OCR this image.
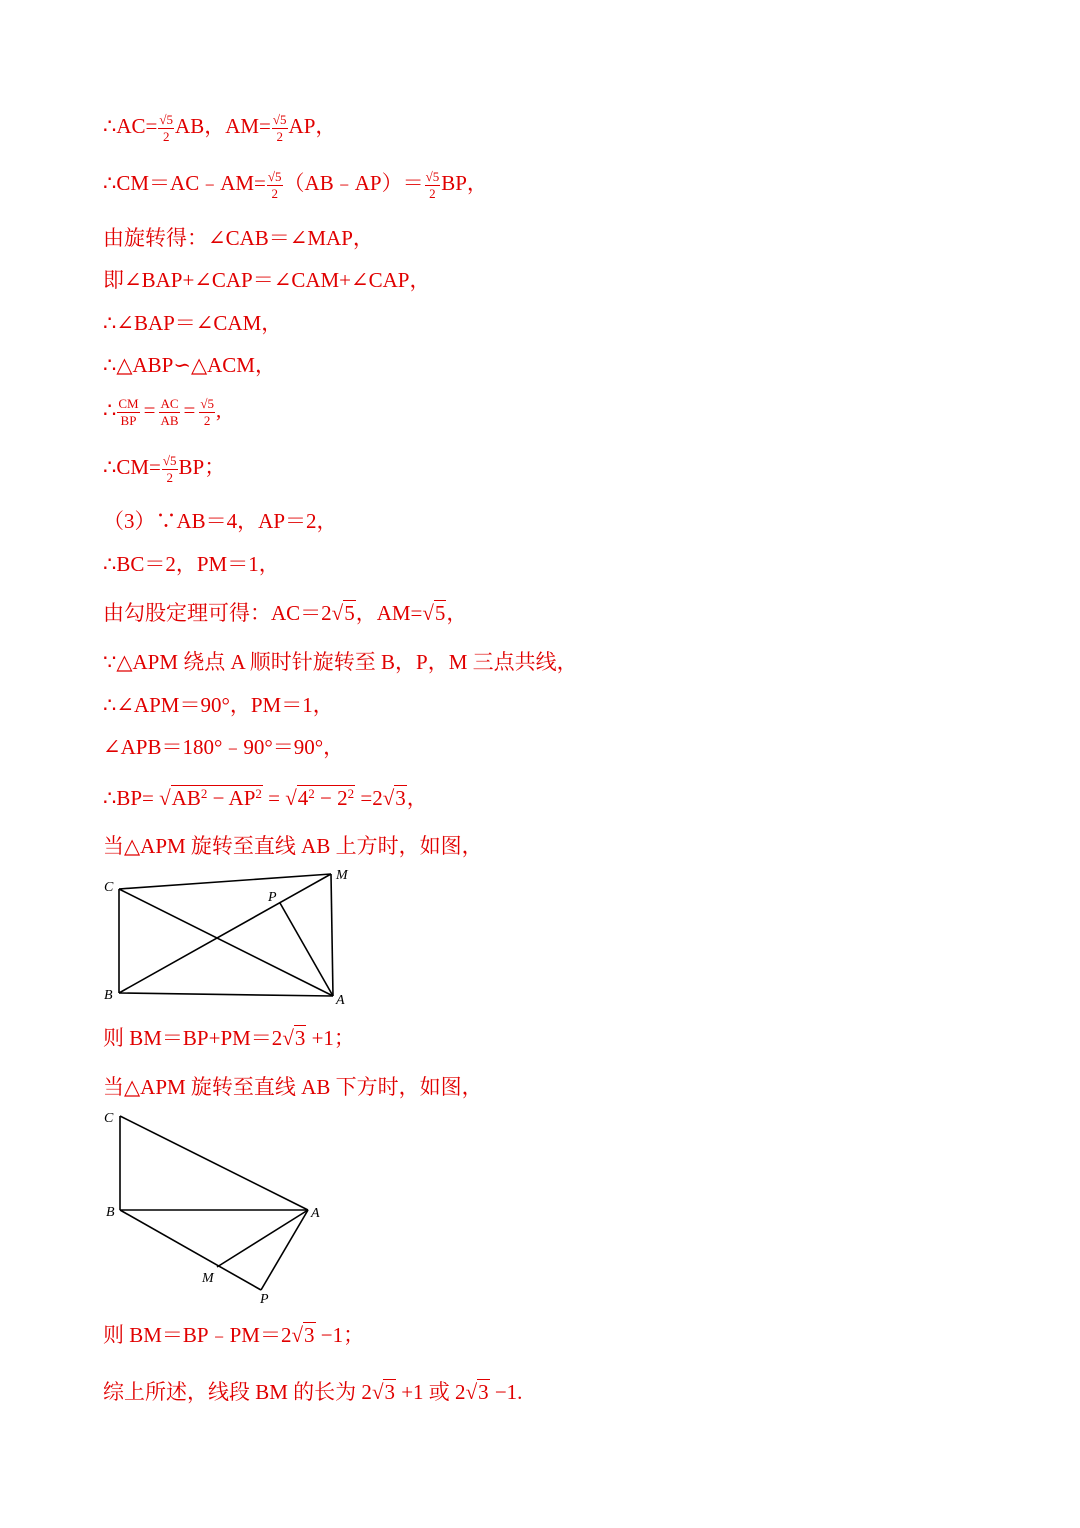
∴AC= $\frac{√5}{2}$ AB，$AM= \frac{√5}{2}$ AP，
∴CM＝AC﹣AM= $\frac{√5}{2}$ （AB﹣AP）＝ $\frac{√5}{2}$ BP，
由旋转得：∠CAB＝∠MAP，
即∠BAP+∠CAP＝∠CAM+∠CAP，
∴∠BAP＝∠CAM，
∴△ABP∽△ACM，
∴ $\frac{CM}{BP} = \frac{AC}{AB} = \frac{√5}{2}$ ,
∴CM= $\frac{√5}{2}$ BP；
（3）∵AB＝4，AP＝2，
∴BC＝2，PM＝1，
由勾股定理可得：AC＝2√5，AM=√5，
∵△APM 绕点 A 顺时针旋转至 B，P，M 三点共线，
∴∠APM＝90°，PM＝1，
∠APB＝180°﹣90°＝90°，
∴BP= $√AB^2 - AP^2 = √4^2 - 2^2 =2√3$，
当△APM 旋转至直线 AB 上方时，如图，
C
M
P
B	A
则 BM＝BP+PM＝2√3 +1；
当△APM 旋转至直线 AB 下方时，如图，
C
B	A
M
P
则 BM＝BP﹣PM＝2√3 −1；
综上所述，线段 BM 的长为 2√3 +1 或 2√3 −1.
